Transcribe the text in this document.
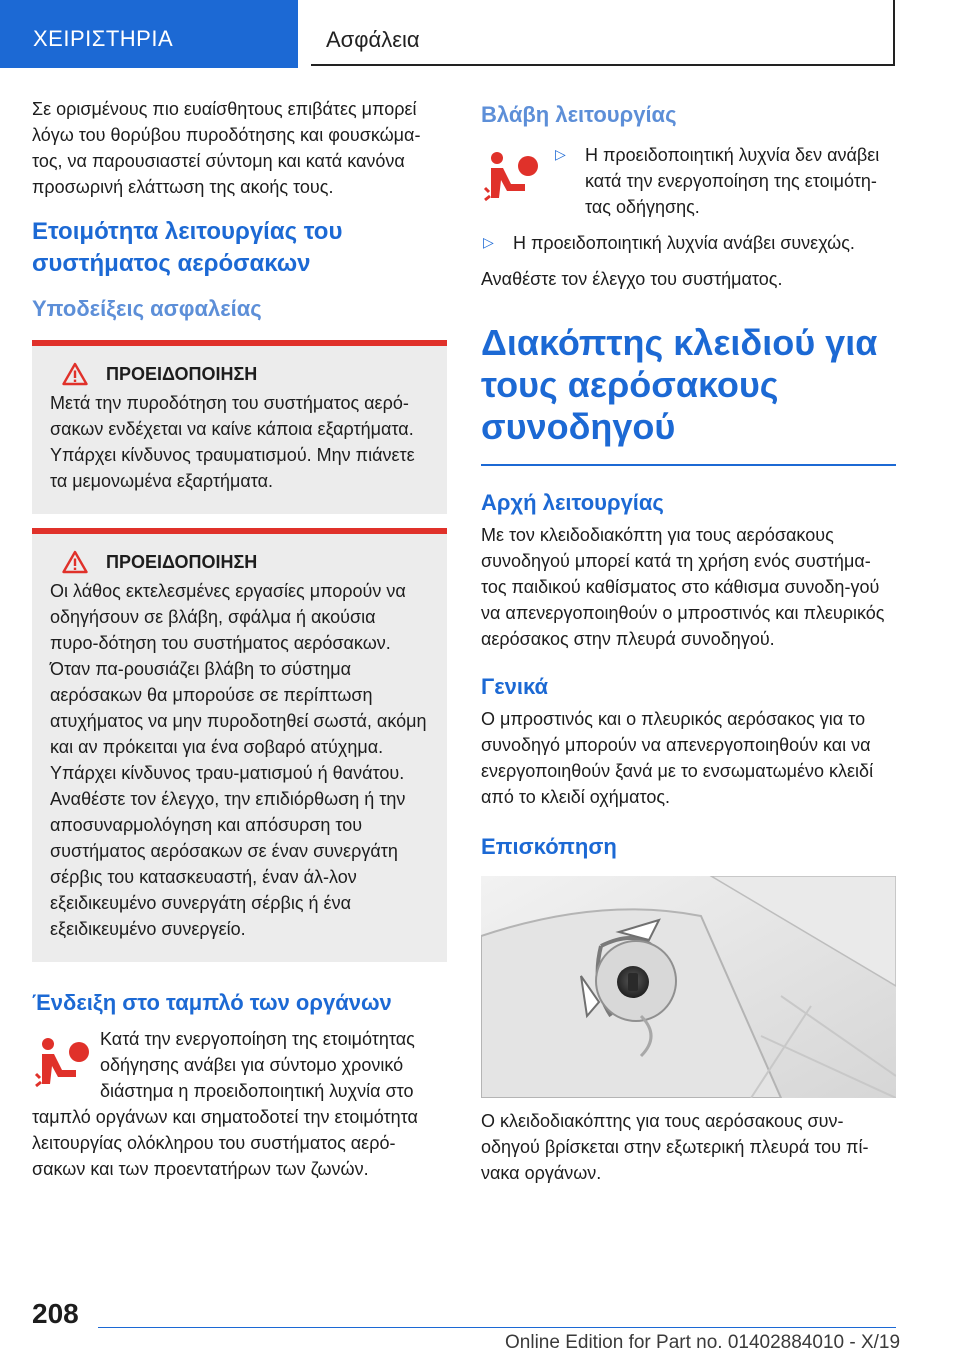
ΧΕΙΡΙΣΤΗΡΙΑ	Ασφάλεια

Σε ορισμένους πιο ευαίσθητους επιβάτες μπορεί λόγω του θορύβου πυροδότησης και φουσκώμα-τος, να παρουσιαστεί σύντομη και κατά κανόνα προσωρινή ελάττωση της ακοής τους.

Ετοιμότητα λειτουργίας του συστήματος αερόσακων
Υποδείξεις ασφαλείας
ΠΡΟΕΙΔΟΠΟΙΗΣΗ

Μετά την πυροδότηση του συστήματος αερό-σακων ενδέχεται να καίνε κάποια εξαρτήματα. Υπάρχει κίνδυνος τραυματισμού. Μην πιάνετε τα μεμονωμένα εξαρτήματα.

ΠΡΟΕΙΔΟΠΟΙΗΣΗ

Οι λάθος εκτελεσμένες εργασίες μπορούν να οδηγήσουν σε βλάβη, σφάλμα ή ακούσια πυρο-δότηση του συστήματος αερόσακων. Όταν πα-ρουσιάζει βλάβη το σύστημα αερόσακων θα μπορούσε σε περίπτωση ατυχήματος να μην πυροδοτηθεί σωστά, ακόμη και αν πρόκειται για ένα σοβαρό ατύχημα. Υπάρχει κίνδυνος τραυ-ματισμού ή θανάτου. Αναθέστε τον έλεγχο, την επιδιόρθωση ή την αποσυναρμολόγηση και απόσυρση του συστήματος αερόσακων σε έναν συνεργάτη σέρβις του κατασκευαστή, έναν άλ-λον εξειδικευμένο συνεργάτη σέρβις ή ένα εξειδικευμένο συνεργείο.

Ένδειξη στο ταμπλό των οργάνων

Κατά την ενεργοποίηση της ετοιμότητας οδήγησης ανάβει για σύντομο χρονικό διάστημα η προειδοποιητική λυχνία στο

ταμπλό οργάνων και σηματοδοτεί την ετοιμότητα λειτουργίας ολόκληρου του συστήματος αερό-σακων και των προεντατήρων των ζωνών.

Βλάβη λειτουργίας
▷	Η προειδοποιητική λυχνία δεν ανάβει κατά την ενεργοποίηση της ετοιμότη-τας οδήγησης.

▷	Η προειδοποιητική λυχνία ανάβει συνεχώς.

Αναθέστε τον έλεγχο του συστήματος.

Διακόπτης κλειδιού για τους αερόσακους συνοδηγού
Αρχή λειτουργίας

Με τον κλειδοδιακόπτη για τους αερόσακους συνοδηγού μπορεί κατά τη χρήση ενός συστήμα-τος παιδικού καθίσματος στο κάθισμα συνοδη-γού να απενεργοποιηθούν ο μπροστινός και πλευρικός αερόσακος στην πλευρά συνοδηγού.

Γενικά

Ο μπροστινός και ο πλευρικός αερόσακος για το συνοδηγό μπορούν να απενεργοποιηθούν και να ενεργοποιηθούν ξανά με το ενσωματωμένο κλειδί από το κλειδί οχήματος.

Επισκόπηση

Ο κλειδοδιακόπτης για τους αερόσακους συν-οδηγού βρίσκεται στην εξωτερική πλευρά του πί-νακα οργάνων.

208
Online Edition for Part no. 01402884010 - X/19
